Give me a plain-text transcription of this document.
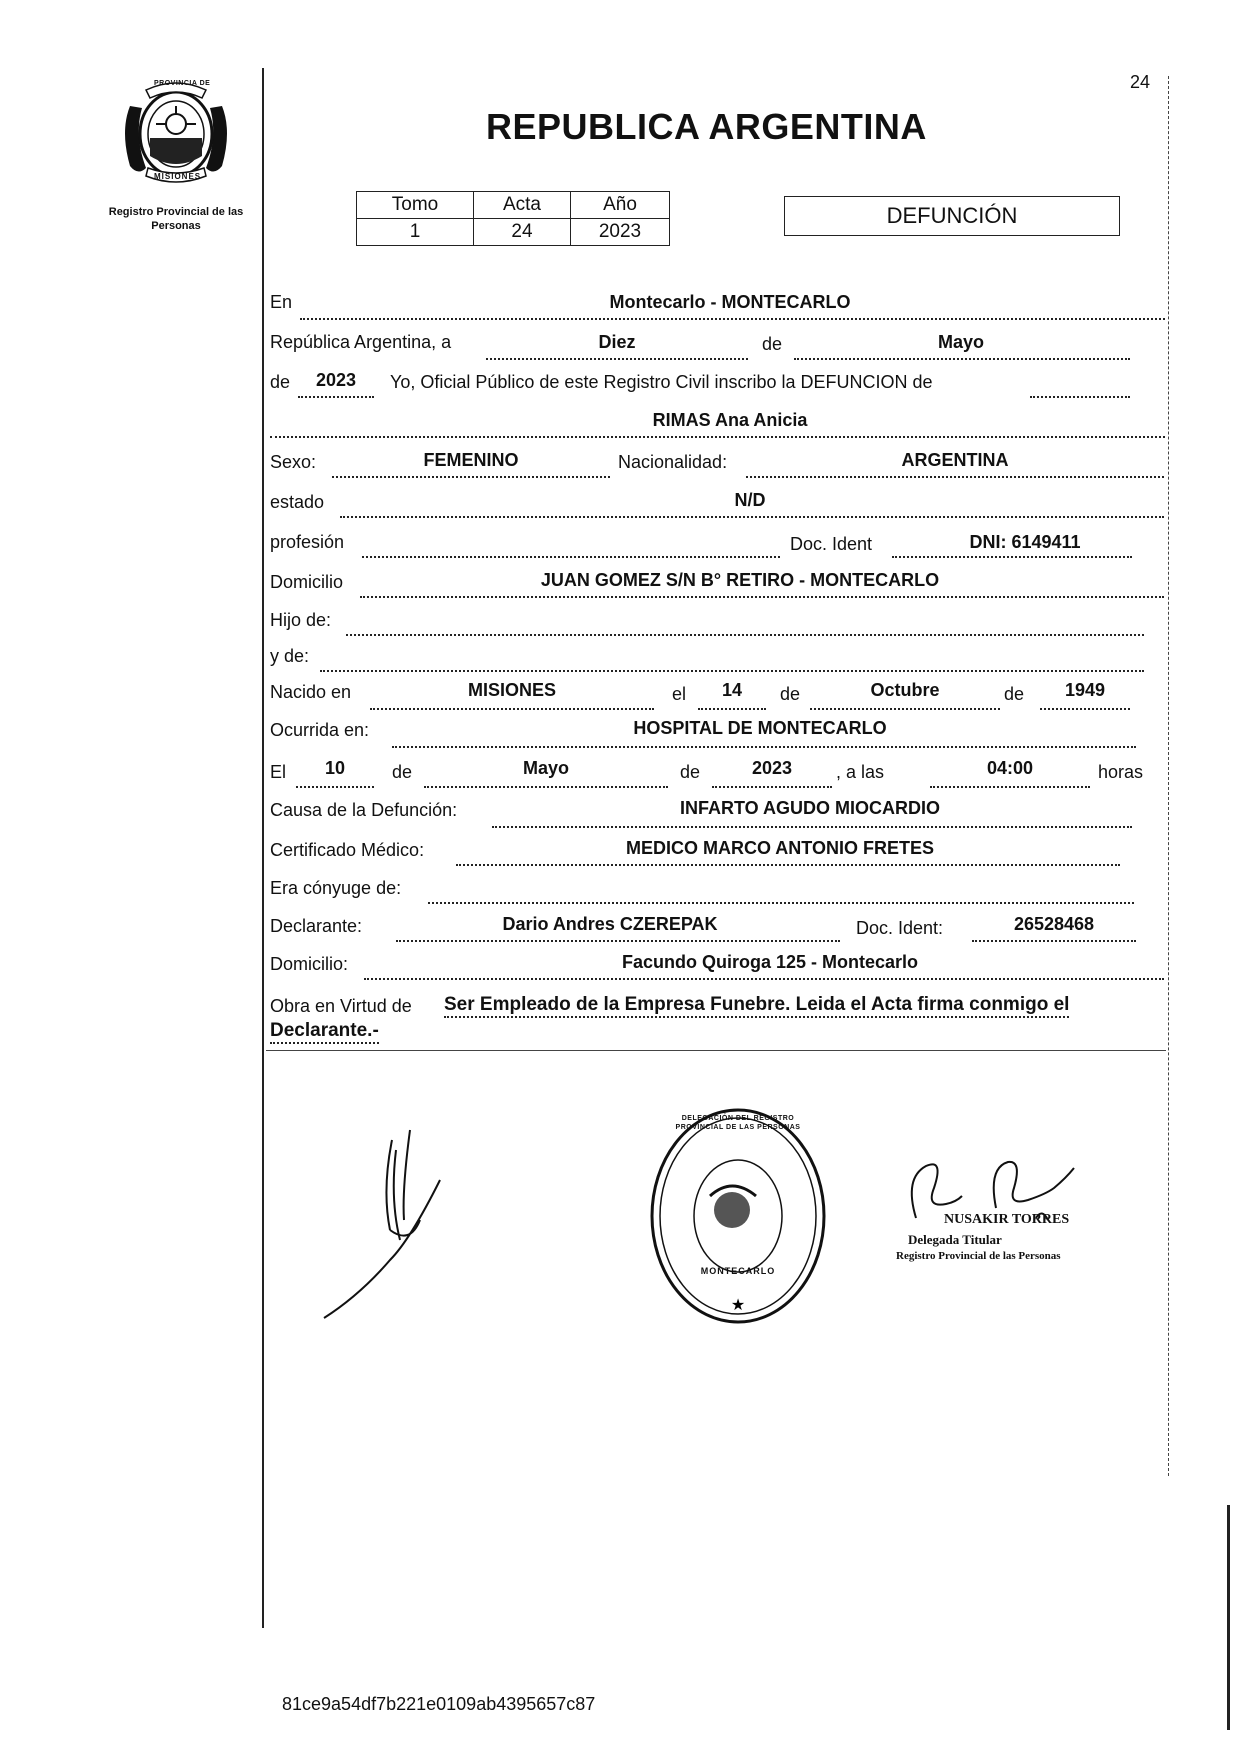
24
PROVINCIA DE
MISIONES
Registro Provincial de las Personas
REPUBLICA ARGENTINA
Tomo	Acta	Año
1	24	2023
DEFUNCIÓN
En	Montecarlo - MONTECARLO
República Argentina, a	Diez	de	Mayo
de	2023	Yo, Oficial Público de este Registro Civil inscribo la DEFUNCION de
RIMAS Ana Anicia
Sexo:	FEMENINO	Nacionalidad:	ARGENTINA
estado	N/D
profesión	Doc. Ident	DNI: 6149411
Domicilio	JUAN GOMEZ S/N B° RETIRO - MONTECARLO
Hijo de:
y de:
Nacido en	MISIONES	el	14	de	Octubre	de	1949
Ocurrida en:	HOSPITAL DE MONTECARLO
El	10	de	Mayo	de	2023	, a las	04:00	horas
Causa de la Defunción:	INFARTO AGUDO MIOCARDIO
Certificado Médico:	MEDICO MARCO ANTONIO FRETES
Era cónyuge de:
Declarante:	Dario Andres CZEREPAK	Doc. Ident:	26528468
Domicilio:	Facundo Quiroga 125 - Montecarlo
Obra en Virtud de Ser Empleado de la Empresa Funebre. Leida el Acta firma conmigo el
Declarante.-
★
DELEGACIÓN DEL REGISTRO PROVINCIAL DE LAS PERSONAS
MONTECARLO
NUSAKIR TORRES
Delegada Titular
Registro Provincial de las Personas
81ce9a54df7b221e0109ab4395657c87
